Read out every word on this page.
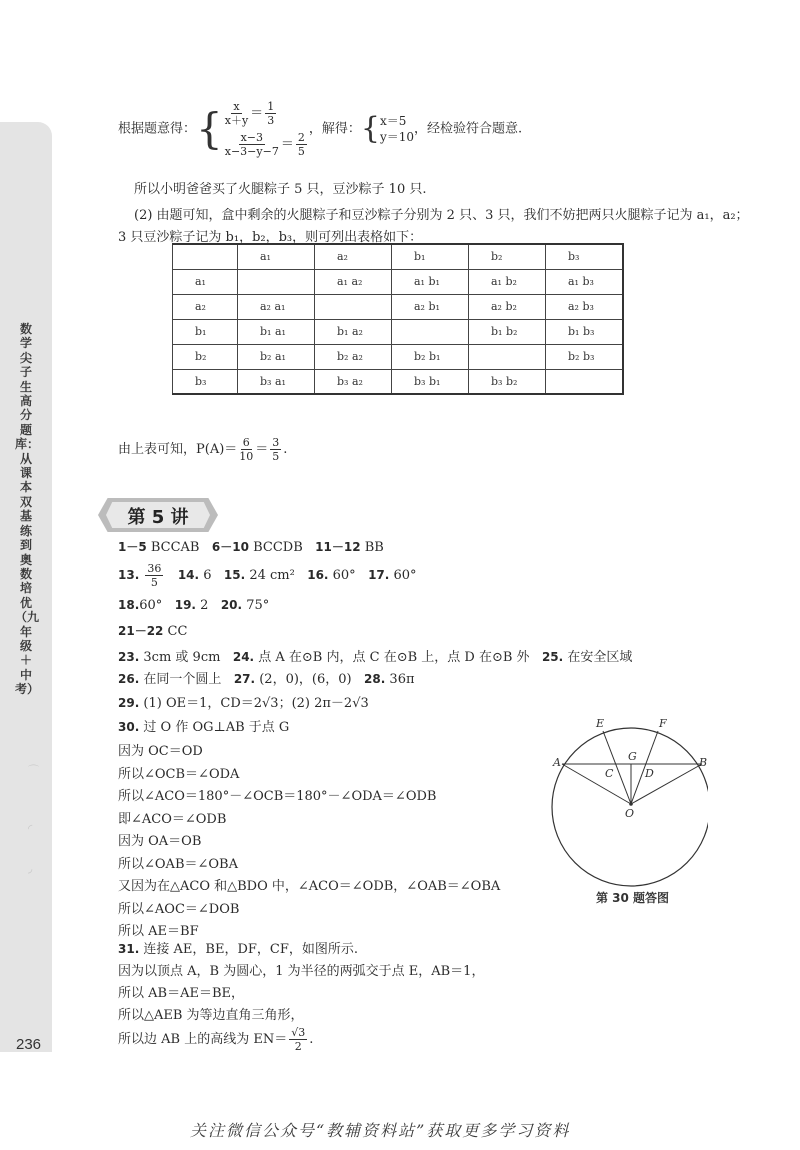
数学尖子生高分题库：从课本双基练到奥数培优（九年级＋中考）
⌒
◜
◞
236
根据题意得：{ $\frac{x}{x+y} = \frac{1}{3}$
$\frac{x-3}{x-3-y-7} = \frac{2}{5}$
，解得：{ x＝5
y＝10
，经检验符合题意.
所以小明爸爸买了火腿粽子 5 只，豆沙粽子 10 只.
(2) 由题可知，盒中剩余的火腿粽子和豆沙粽子分别为 2 只、3 只，我们不妨把两只火腿粽子记为 a₁，a₂；
3 只豆沙粽子记为 b₁，b₂，b₃，则可列出表格如下：
	a₁	a₂	b₁	b₂	b₃
a₁		a₁ a₂	a₁ b₁	a₁ b₂	a₁ b₃
a₂	a₂ a₁		a₂ b₁	a₂ b₂	a₂ b₃
b₁	b₁ a₁	b₁ a₂		b₁ b₂	b₁ b₃
b₂	b₂ a₁	b₂ a₂	b₂ b₁		b₂ b₃
b₃	b₃ a₁	b₃ a₂	b₃ b₁	b₃ b₂	
由上表可知，$P(A)= \frac{6}{10} = \frac{3}{5}$ .
第 5 讲
1－5 BCCAB 6－10 BCCDB 11－12 BB
13. $\frac{36}{5} 14$. 6 15. 24 cm² 16. 60° 17. 60°
18.60° 19. 2 20. 75°
21－22 CC
23. 3cm 或 9cm 24. 点 A 在⊙B 内，点 C 在⊙B 上，点 D 在⊙B 外 25. 在安全区域
26. 在同一个圆上 27. (2，0)，(6，0) 28. 36π
29. (1) OE＝1，CD＝2√3；(2) 2π－2√3
30. 过 O 作 OG⊥AB 于点 G
因为 OC＝OD
所以∠OCB＝∠ODA
所以∠ACO＝180°－∠OCB＝180°－∠ODA＝∠ODB
即∠ACO＝∠ODB
因为 OA＝OB
所以∠OAB＝∠OBA
又因为在△ACO 和△BDO 中，∠ACO＝∠ODB，∠OAB＝∠OBA
所以∠AOC＝∠DOB
所以 AE＝BF
31. 连接 AE，BE，DF，CF，如图所示.
因为以顶点 A，B 为圆心，1 为半径的两弧交于点 E，AB＝1，
所以 AB＝AE＝BE，
所以△AEB 为等边直角三角形，
所以边 AB 上的高线为 $EN= \frac{√3}{2}$ .
E	F
A	B
G
C	D
O
第 30 题答图
关注微信公众号“教辅资料站”获取更多学习资料
